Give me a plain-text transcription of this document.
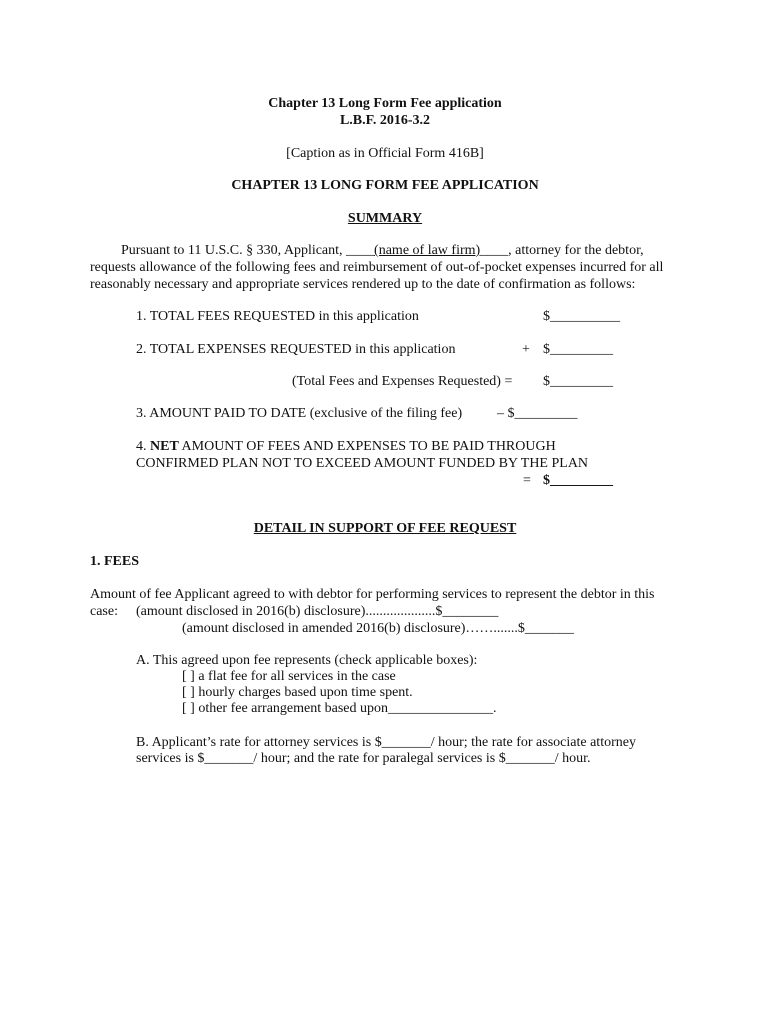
Chapter 13 Long Form Fee application
L.B.F. 2016-3.2
[Caption as in Official Form 416B]
CHAPTER 13 LONG FORM FEE APPLICATION
SUMMARY
Pursuant to 11 U.S.C. § 330, Applicant, ____(name of law firm)____, attorney for the debtor,
requests allowance of the following fees and reimbursement of out-of-pocket expenses incurred for all
reasonably necessary and appropriate services rendered up to the date of confirmation as follows:
1. TOTAL FEES REQUESTED in this application	$__________
2. TOTAL EXPENSES REQUESTED in this application	+ $_________
(Total Fees and Expenses Requested) = $_________
3. AMOUNT PAID TO DATE (exclusive of the filing fee) – $_________
4. NET AMOUNT OF FEES AND EXPENSES TO BE PAID THROUGH
CONFIRMED PLAN NOT TO EXCEED AMOUNT FUNDED BY THE PLAN
= $_________
DETAIL IN SUPPORT OF FEE REQUEST
1. FEES
Amount of fee Applicant agreed to with debtor for performing services to represent the debtor in this
case: (amount disclosed in 2016(b) disclosure)....................$________
(amount disclosed in amended 2016(b) disclosure)…….......$_______
A. This agreed upon fee represents (check applicable boxes):
[ ] a flat fee for all services in the case
[ ] hourly charges based upon time spent.
[ ] other fee arrangement based upon_______________.
B. Applicant’s rate for attorney services is $_______/ hour; the rate for associate attorney
services is $_______/ hour; and the rate for paralegal services is $_______/ hour.
